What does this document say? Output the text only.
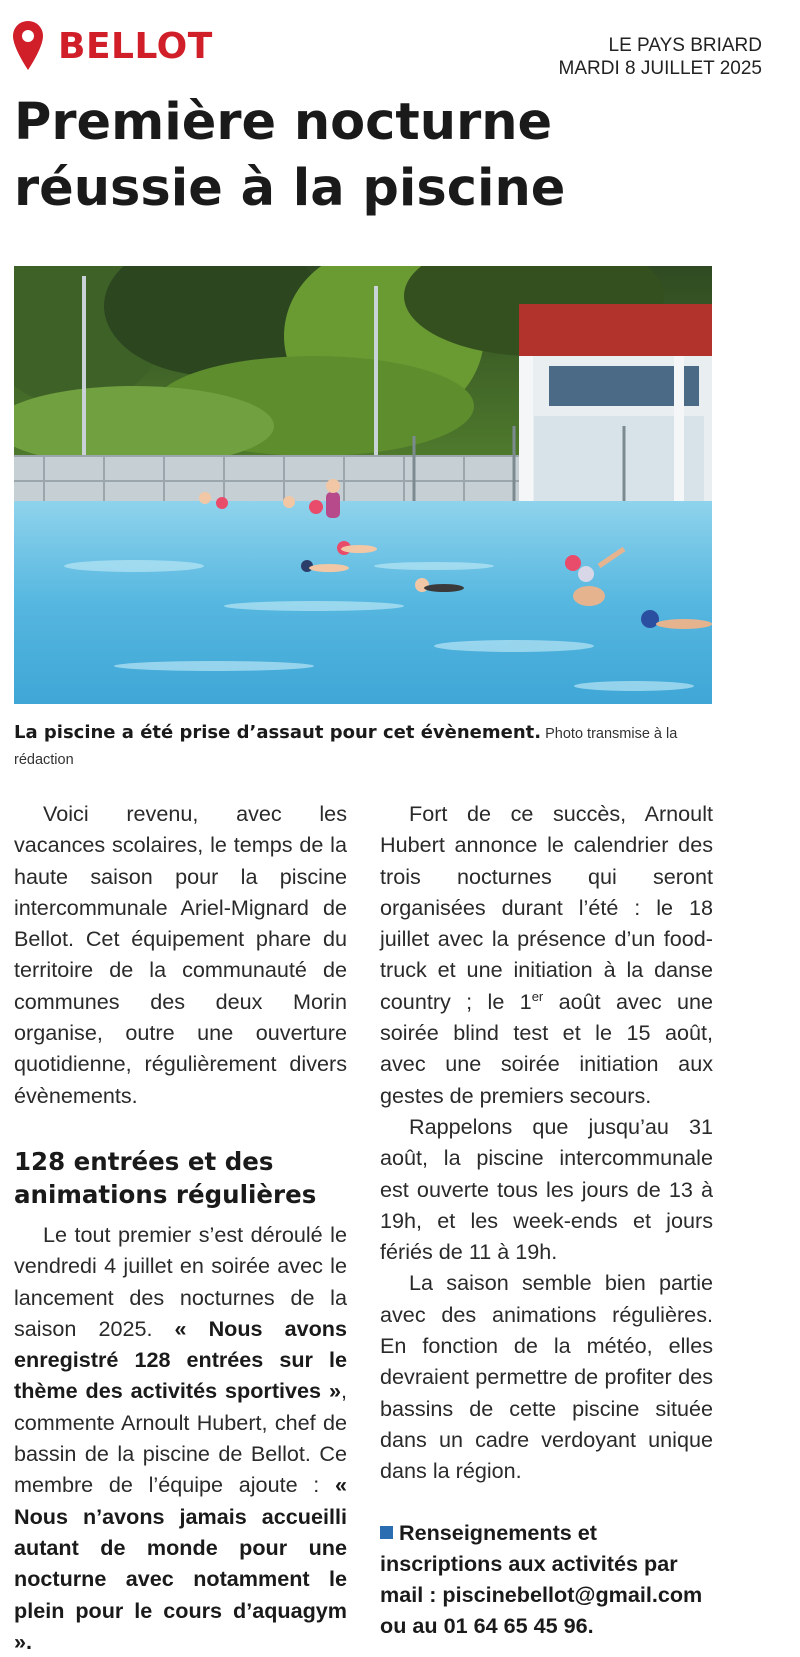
BELLOT	LE PAYS BRIARD
MARDI 8 JUILLET 2025
Première nocturne
réussie à la piscine
La piscine a été prise d’assaut pour cet évènement. Photo transmise à la rédaction

Voici revenu, avec les vacances scolaires, le temps de la haute saison pour la piscine intercommunale Ariel-Mignard de Bellot. Cet équipement phare du territoire de la communauté de communes des deux Morin organise, outre une ouverture quotidienne, régulièrement divers évènements.

128 entrées et des animations régulières

Le tout premier s’est déroulé le vendredi 4 juillet en soirée avec le lancement des nocturnes de la saison 2025. « Nous avons enregistré 128 entrées sur le thème des activités sportives », commente Arnoult Hubert, chef de bassin de la piscine de Bellot. Ce membre de l’équipe ajoute : « Nous n’avons jamais accueilli autant de monde pour une nocturne avec notamment le plein pour le cours d’aquagym ».

Fort de ce succès, Arnoult Hubert annonce le calendrier des trois nocturnes qui seront organisées durant l’été : le 18 juillet avec la présence d’un food-truck et une initiation à la danse country ; le 1er août avec une soirée blind test et le 15 août, avec une soirée initiation aux gestes de premiers secours.

Rappelons que jusqu’au 31 août, la piscine intercommunale est ouverte tous les jours de 13 à 19h, et les week-ends et jours fériés de 11 à 19h.

La saison semble bien partie avec des animations régulières. En fonction de la météo, elles devraient permettre de profiter des bassins de cette piscine située dans un cadre verdoyant unique dans la région.

Renseignements et inscriptions aux activités par mail : piscinebellot@gmail.com ou au 01 64 65 45 96.
